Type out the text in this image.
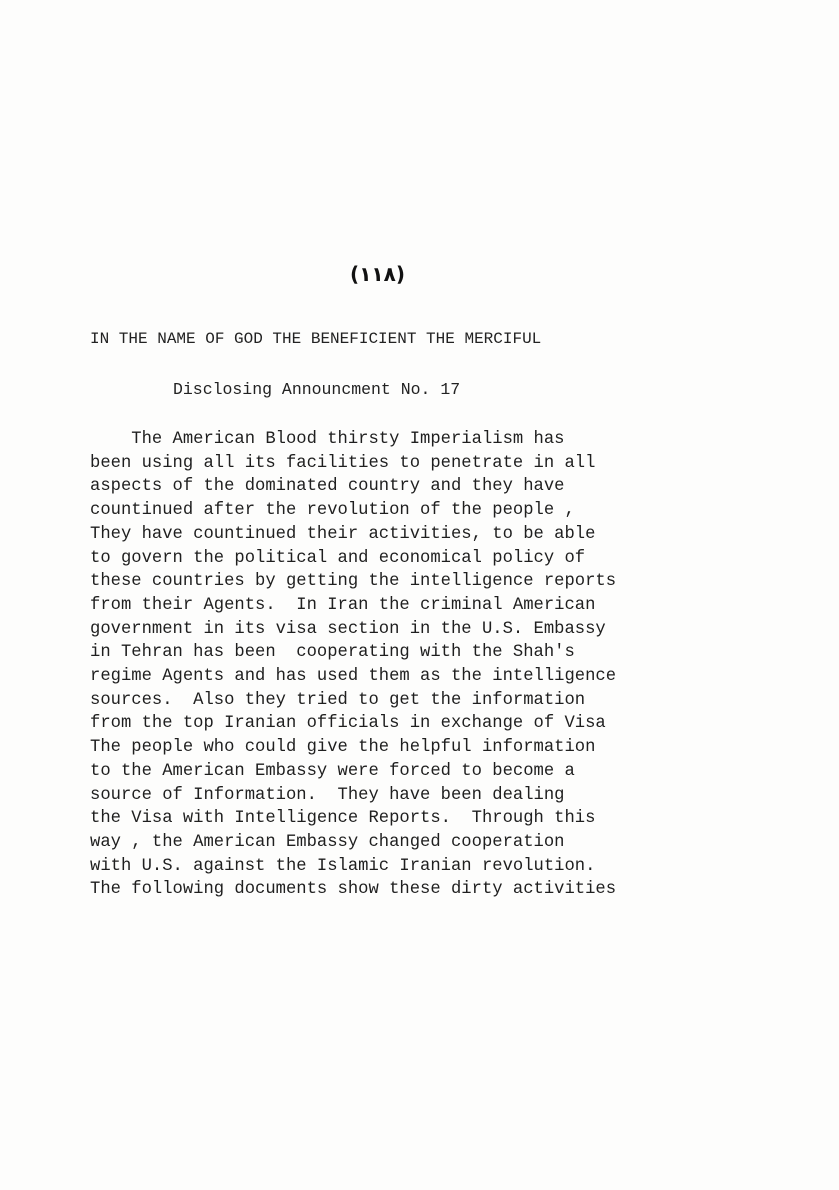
(١١٨)
IN THE NAME OF GOD THE BENEFICIENT THE MERCIFUL
Disclosing Announcment No. 17
The American Blood thirsty Imperialism has
been using all its facilities to penetrate in all
aspects of the dominated country and they have
countinued after the revolution of the people ,
They have countinued their activities, to be able
to govern the political and economical policy of
these countries by getting the intelligence reports
from their Agents.  In Iran the criminal American
government in its visa section in the U.S. Embassy
in Tehran has been  cooperating with the Shah's
regime Agents and has used them as the intelligence
sources.  Also they tried to get the information
from the top Iranian officials in exchange of Visa
The people who could give the helpful information
to the American Embassy were forced to become a
source of Information.  They have been dealing
the Visa with Intelligence Reports.  Through this
way , the American Embassy changed cooperation
with U.S. against the Islamic Iranian revolution.
The following documents show these dirty activities
